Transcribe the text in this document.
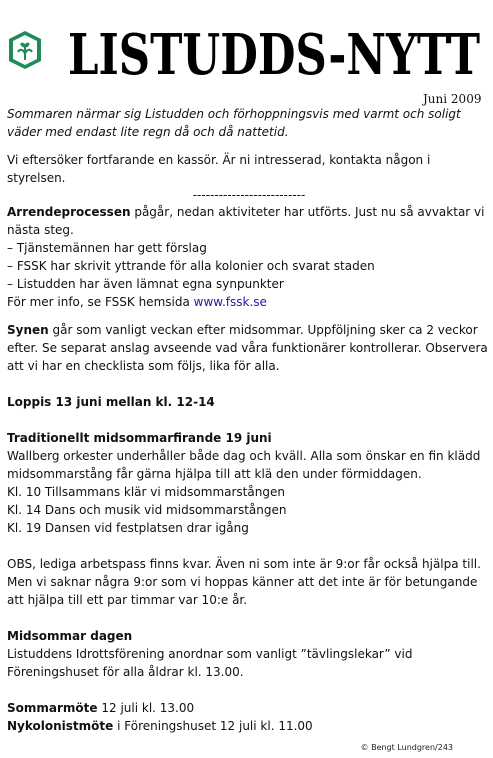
LISTUDDS-NYTT
Juni 2009

Sommaren närmar sig Listudden och förhoppningsvis med varmt och soligt väder med endast lite regn då och då nattetid.

Vi eftersöker fortfarande en kassör. Är ni intresserad, kontakta någon i styrelsen.

--------------------------

Arrendeprocessen pågår, nedan aktiviteter har utförts. Just nu så avvaktar vi nästa steg.

– Tjänstemännen har gett förslag

– FSSK har skrivit yttrande för alla kolonier och svarat staden

– Listudden har även lämnat egna synpunkter

För mer info, se FSSK hemsida www.fssk.se

Synen går som vanligt veckan efter midsommar. Uppföljning sker ca 2 veckor efter. Se separat anslag avseende vad våra funktionärer kontrollerar. Observera att vi har en checklista som följs, lika för alla.

Loppis 13 juni mellan kl. 12-14

Traditionellt midsommarfirande 19 juni

Wallberg orkester underhåller både dag och kväll. Alla som önskar en fin klädd midsommarstång får gärna hjälpa till att klä den under förmiddagen.

Kl. 10 Tillsammans klär vi midsommarstången

Kl. 14 Dans och musik vid midsommarstången

Kl. 19 Dansen vid festplatsen drar igång

OBS, lediga arbetspass finns kvar. Även ni som inte är 9:or får också hjälpa till. Men vi saknar några 9:or som vi hoppas känner att det inte är för betungande att hjälpa till ett par timmar var 10:e år.

Midsommar dagen

Listuddens Idrottsförening anordnar som vanligt ”tävlingslekar” vid Föreningshuset för alla åldrar kl. 13.00.

Sommarmöte 12 juli kl. 13.00

Nykolonistmöte i Föreningshuset 12 juli kl. 11.00

© Bengt Lundgren/243
